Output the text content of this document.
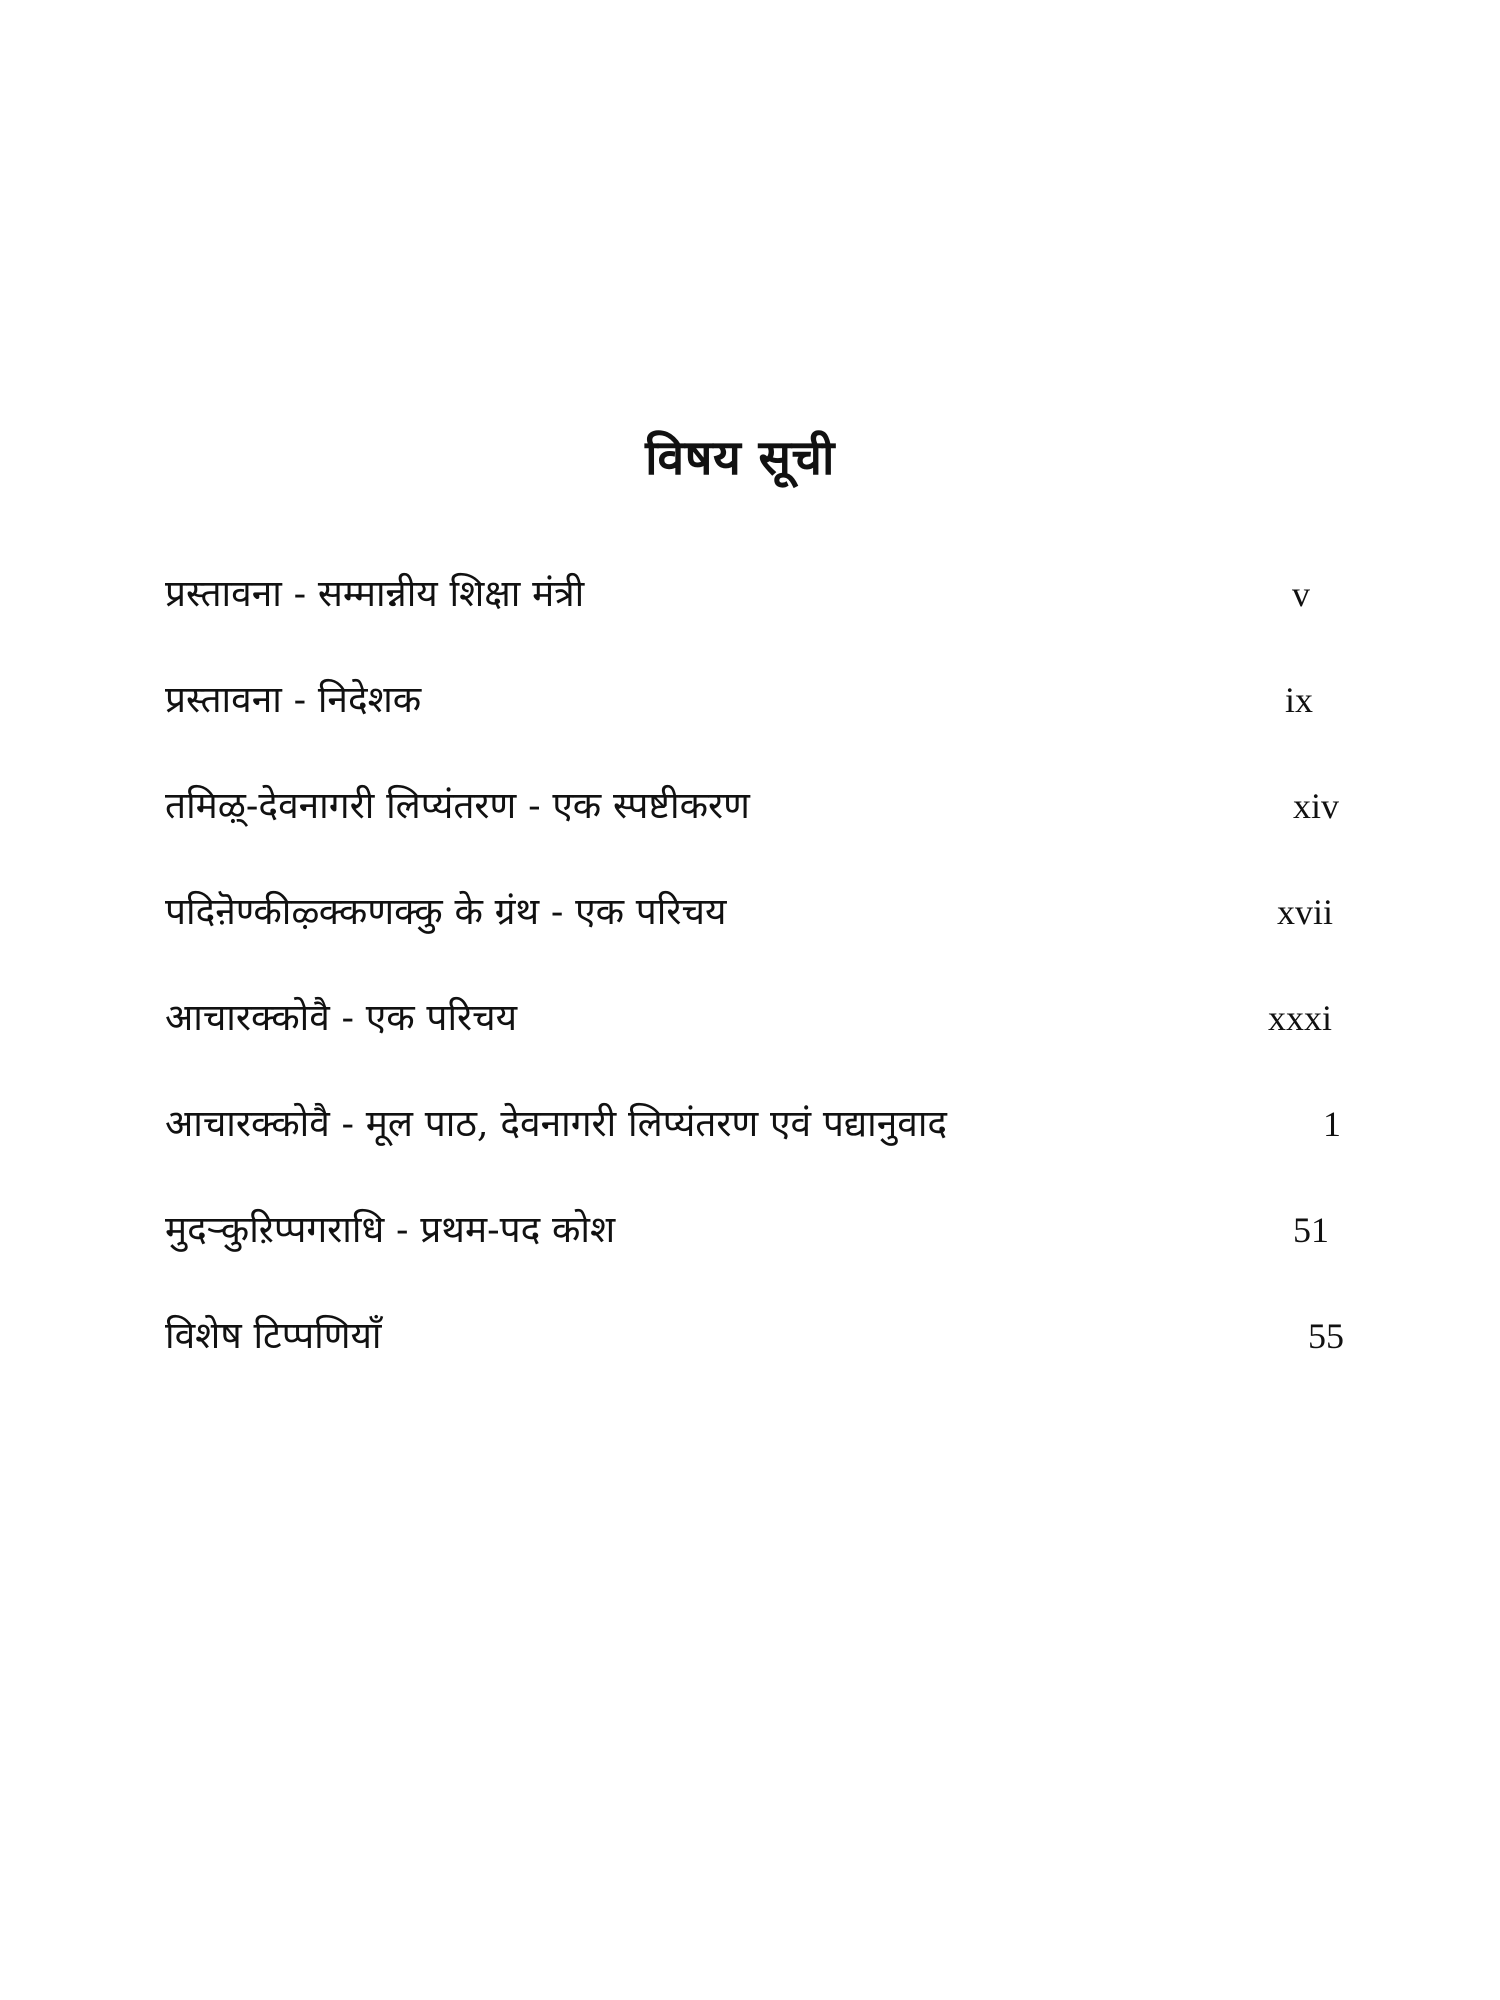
विषय सूची
प्रस्तावना - सम्मान्नीय शिक्षा मंत्री	v
प्रस्तावना - निदेशक	ix
तमिऴ्-देवनागरी लिप्यंतरण - एक स्पष्टीकरण	xiv
पदिऩॆण्कीऴ्क्कणक्कु के ग्रंथ - एक परिचय	xvii
आचारक्कोवै - एक परिचय	xxxi
आचारक्कोवै - मूल पाठ, देवनागरी लिप्यंतरण एवं पद्यानुवाद	1
मुदऱ्कुऱिप्पगराधि - प्रथम-पद कोश	51
विशेष टिप्पणियाँ	55
